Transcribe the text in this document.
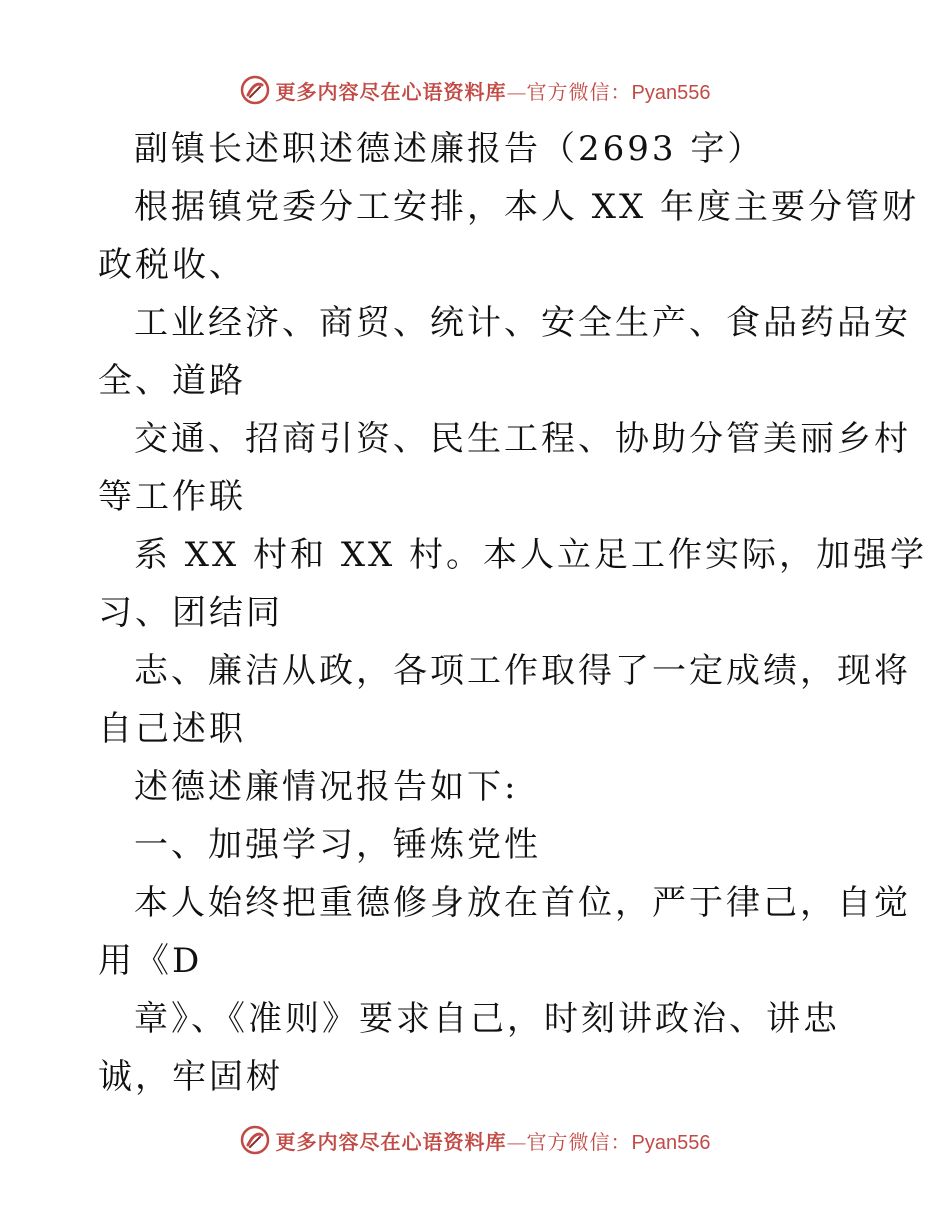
更多内容尽在心语资料库—官方微信：Pyan556
副镇长述职述德述廉报告（2693 字）
根据镇党委分工安排，本人 XX 年度主要分管财
政税收、
工业经济、商贸、统计、安全生产、食品药品安
全、道路
交通、招商引资、民生工程、协助分管美丽乡村
等工作联
系 XX 村和 XX 村。本人立足工作实际，加强学
习、团结同
志、廉洁从政，各项工作取得了一定成绩，现将
自己述职
述德述廉情况报告如下:
一、加强学习，锤炼党性
本人始终把重德修身放在首位，严于律己，自觉
用《D
章》、《准则》要求自己，时刻讲政治、讲忠
诚，牢固树
更多内容尽在心语资料库—官方微信：Pyan556
